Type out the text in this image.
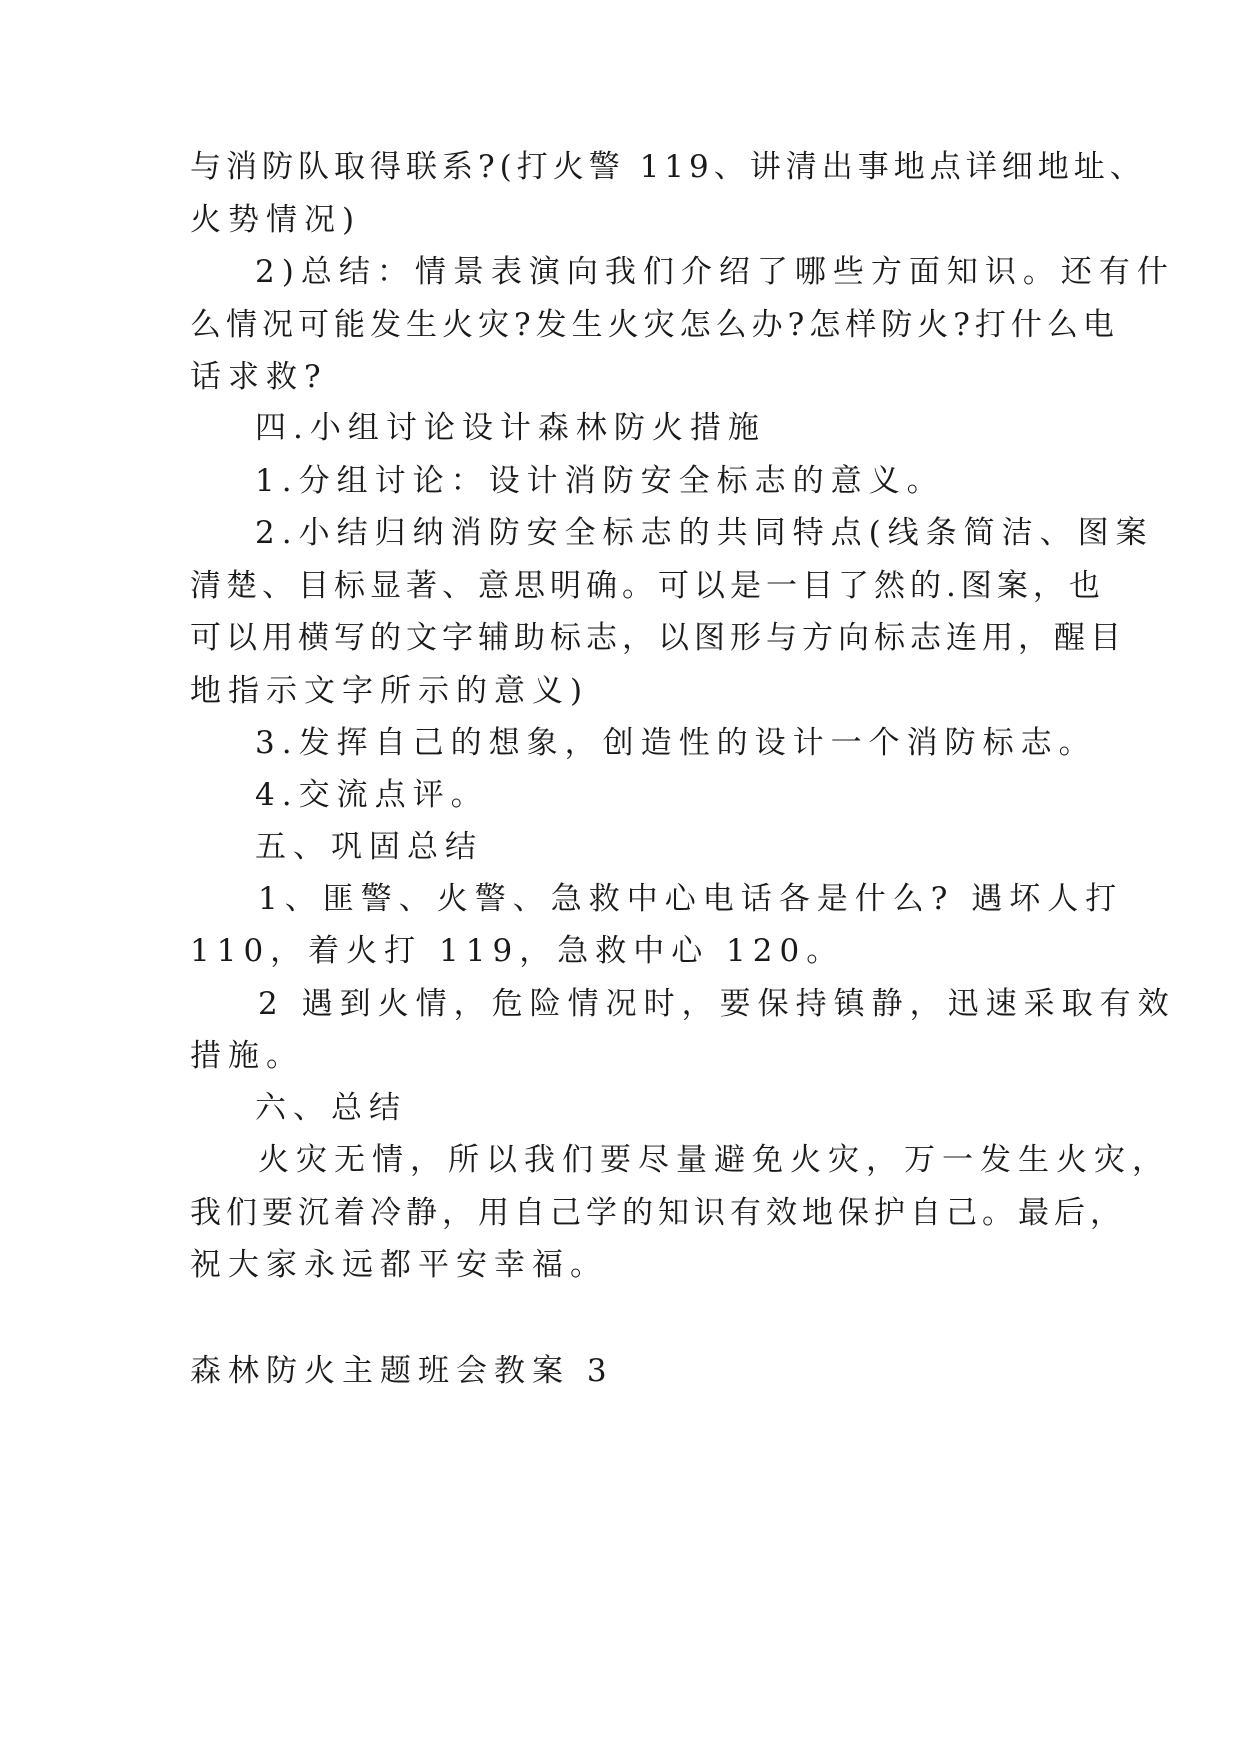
与消防队取得联系?(打火警 119、讲清出事地点详细地址、
火势情况)
2)总结：情景表演向我们介绍了哪些方面知识。还有什
么情况可能发生火灾?发生火灾怎么办?怎样防火?打什么电
话求救?
四.小组讨论设计森林防火措施
1.分组讨论：设计消防安全标志的意义。
2.小结归纳消防安全标志的共同特点(线条简洁、图案
清楚、目标显著、意思明确。可以是一目了然的.图案，也
可以用横写的文字辅助标志，以图形与方向标志连用，醒目
地指示文字所示的意义)
3.发挥自己的想象，创造性的设计一个消防标志。
4.交流点评。
五、巩固总结
1、匪警、火警、急救中心电话各是什么? 遇坏人打
110，着火打 119，急救中心 120。
2 遇到火情，危险情况时，要保持镇静，迅速采取有效
措施。
六、总结
火灾无情，所以我们要尽量避免火灾，万一发生火灾，
我们要沉着冷静，用自己学的知识有效地保护自己。最后，
祝大家永远都平安幸福。
森林防火主题班会教案 3
